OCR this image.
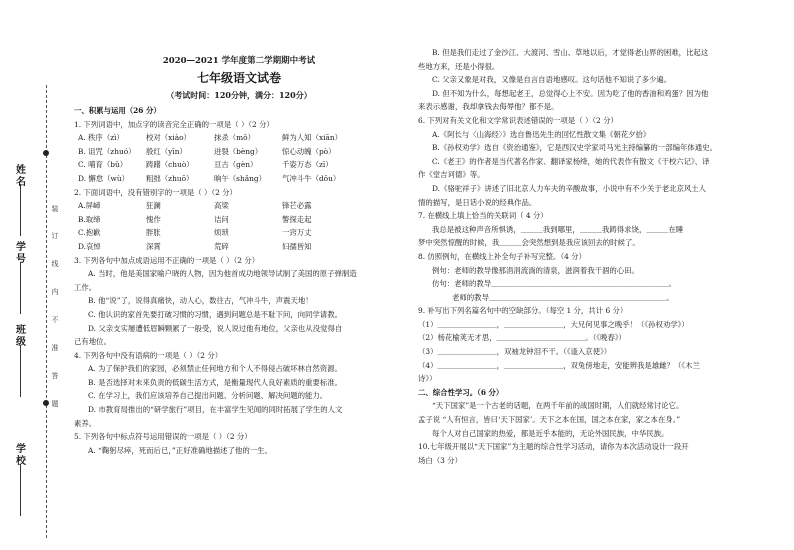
姓名
学号
班级
学校
装
订
线
内
不
准
答
题
2020—2021 学年度第二学期期中考试
七年级语文试卷
（考试时间：120分钟，满分：120分）
一、积累与运用（26 分）
1. 下列词语中，加点字的读音完全正确的一项是（ ）（2 分）
A. 秩序（zì）	校对（xiào）	抹杀（mǒ）	鲜为人知（xiān）
B. 诅咒（zhuó）	殷红（yīn）	迸裂（bèng）	惊心动魄（pò）
C. 哺育（bǔ）	踌躇（chuò）	亘古（gèn）	千姿万态（zī）
D. 懈怠（wù）	粗拙（zhuō）	晌午（shǎng）	气冲斗牛（dǒu）
2. 下面词语中，没有错别字的一项是（ ）（2 分）
A.屏嶂	狂澜	高梁	锋芒必露
B.取缔	愧作	诘问	警探走起
C.抱歉	胖胀	烦琐	一窍万丈
D.哀悼	深霄	荒碎	妇孺皆知
3. 下列各句中加点成语运用不正确的一项是（ ）（2 分）
A. 当时，他是美国家喻户晓的人物，因为他首成功地领导试制了美国的原子弹制造
工作。
B. 他“说”了，说得真痛快，动人心，数往古，气冲斗牛，声震天地！
C. 他认识的家首先要打破习惯的习惯，遇到问题总是不耻下问，向同学请教。
D. 父亲支实屡遭低眉瞬颗累了一般受，说人说过他有地位，父亲也从没觉得自
己有地位。
4. 下列各句中没有语病的一项是（ ）（2 分）
A. 为了保护我们的家园，必须禁止任何地方和个人不得侵占破坏林自然资源。
B. 是否选择对未来负责的低碳生活方式，是衡量现代人良好素质的重要标准。
C. 在学习上，我们应该培养自己提出问题、分析问题、解决问题的能力。
D. 市教育局推出的“研学旅行”项目，在丰富学生见闻的同时拓展了学生的人文
素养。
5. 下列各句中标点符号运用错误的一项是（ ）（2 分）
A. “鞠躬尽瘁，死而后已，”正好准确地描述了他的一生。
B. 但是我们走过了金沙江、大渡河、雪山、草地以后，才觉得老山界的困难，比起这
些地方来，还是小得很。
C. 父亲又象是对我，又像是自言自语地感叹。这句话他不知说了多少遍。
D. 但不知为什么，每想起老王，总觉得心上不安。因为吃了他的香油和鸡蛋？因为他
来表示感谢，我却拿钱去侮辱他？都不是。
6. 下列对有关文化和文学常识表述错误的一项是（ ）（2 分）
A.《阿长与〈山海经〉》选自鲁迅先生的回忆性散文集《朝花夕拾》
B.《孙权劝学》选自《资治通鉴》，它是西汉史学家司马光主持编纂的一部编年体通史。
C.《老王》的作者是当代著名作家、翻译家杨绛，她的代表作有散文《干校六记》、译
作《堂吉诃德》等。
D.《骆驼祥子》讲述了旧北京人力车夫的辛酸故事，小说中有不少关于老北京风土人
情的描写，是日话小说的经典作品。
7. 在横线上填上恰当的关联词（ 4 分）
我总是被这种声音所惧诱，＿＿＿我到哪里，＿＿＿我踌得求饶，＿＿＿在睡
梦中突然惊醒的时候，我＿＿＿会突然想到是我应该回去的时候了。
8. 仿照例句，在横线上补全句子补写完整。（4 分）
例句：老师的教导像那涓涓流淌的清泉，滋润着我干涸的心田。
仿句：老师的教导＿＿＿＿＿＿＿＿＿＿＿＿＿＿＿＿＿＿＿＿＿＿＿＿。
老师的教导＿＿＿＿＿＿＿＿＿＿＿＿＿＿＿＿＿＿＿＿＿＿＿＿。
9. 补写出下列名篇名句中的空缺部分。（每空 1 分，共计 6 分）
（1）＿＿＿＿＿＿＿＿，＿＿＿＿＿＿＿＿，大兄何见事之晚乎！（《孙权劝学》）
（2）杨花榆荚无才思，＿＿＿＿＿＿＿＿＿＿＿＿。（《晚春》）
（3）＿＿＿＿＿＿＿＿，双袖龙钟泪不干。（《逢入京使》）
（4）＿＿＿＿＿＿＿＿，＿＿＿＿＿＿＿＿，双兔傍地走，安能辨我是雄雌？（《木兰
诗》）
二、综合性学习。（6 分）
“天下国家”是一个古老的话题，在两千年前的战国时期，人们就经常讨论它。
孟子说 “人有恒言，皆曰‘天下国家’。天下之本在国，国之本在家，家之本在身。”
每个人对自己国家的热爱，都是近乎本能的，无论外国民族，中华民族。
10.七年级开展以“天下国家”为主题的综合性学习活动，请你为本次活动设计一段开
场白（3 分）
